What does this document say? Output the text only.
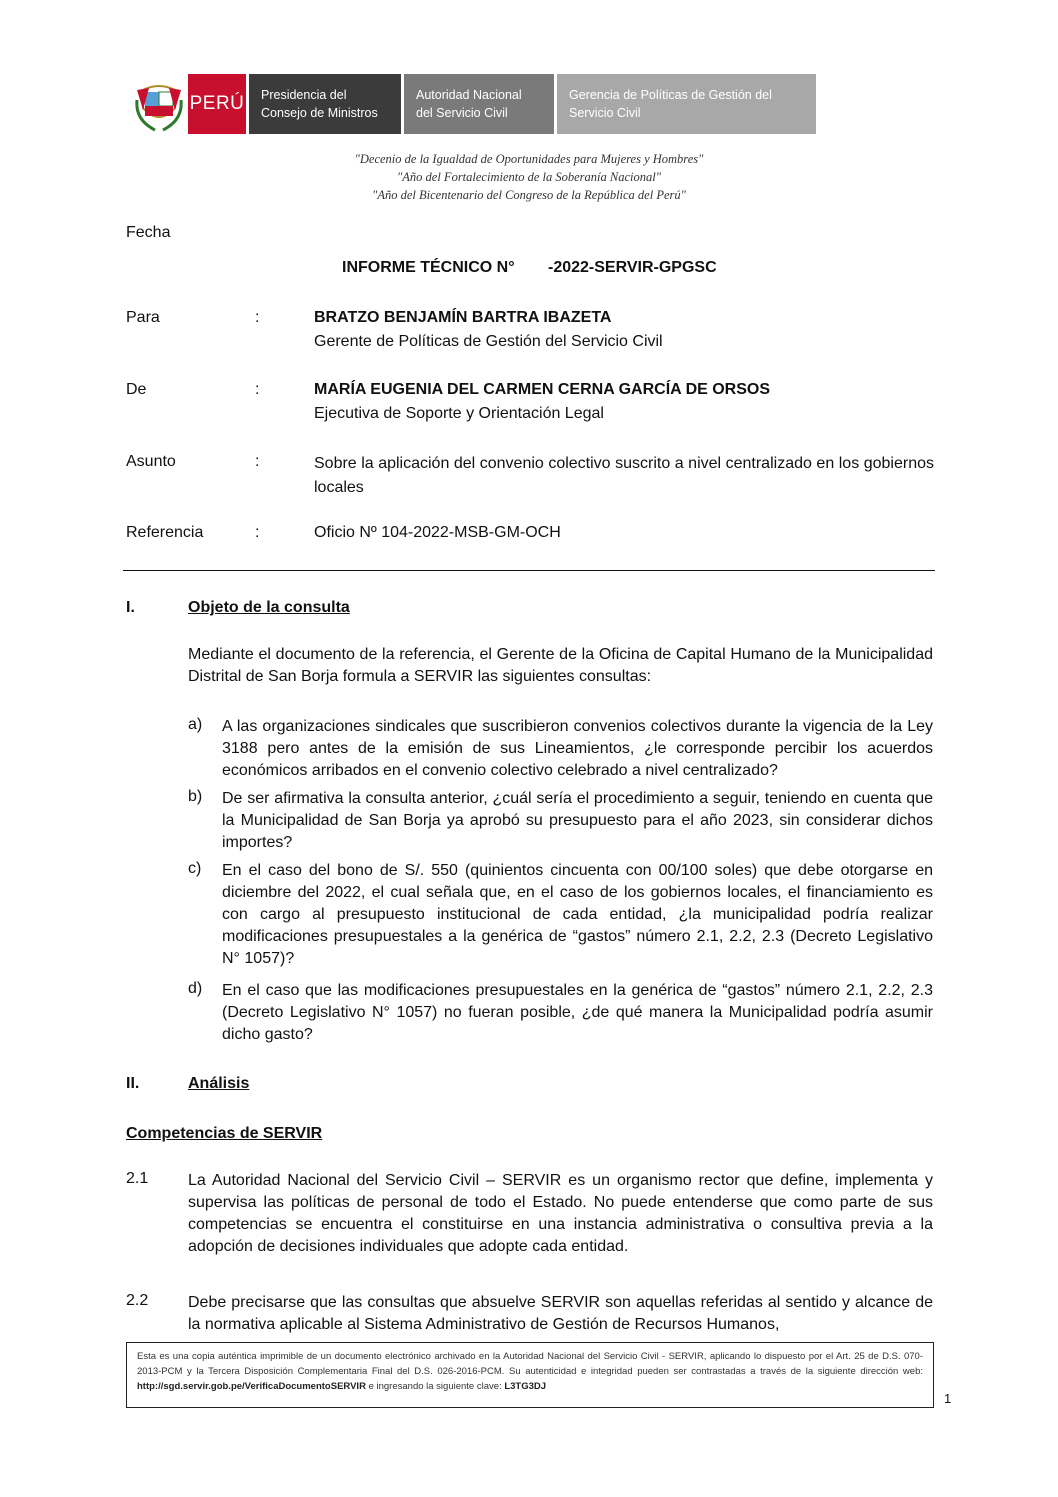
PERÚ Presidencia del
Consejo de Ministros
Autoridad Nacional
del Servicio Civil
Gerencia de Políticas de Gestión del
Servicio Civil
"Decenio de la Igualdad de Oportunidades para Mujeres y Hombres"
"Año del Fortalecimiento de la Soberanía Nacional"
"Año del Bicentenario del Congreso de la República del Perú"
Fecha
INFORME TÉCNICO N° -2022-SERVIR-GPGSC
Para	:	BRATZO BENJAMÍN BARTRA IBAZETA
Gerente de Políticas de Gestión del Servicio Civil
De	:	MARÍA EUGENIA DEL CARMEN CERNA GARCÍA DE ORSOS
Ejecutiva de Soporte y Orientación Legal
Asunto	:	Sobre la aplicación del convenio colectivo suscrito a nivel centralizado en los gobiernos locales
Referencia	:	Oficio Nº 104-2022-MSB-GM-OCH
I.	Objeto de la consulta
Mediante el documento de la referencia, el Gerente de la Oficina de Capital Humano de la Municipalidad Distrital de San Borja formula a SERVIR las siguientes consultas:
a) A las organizaciones sindicales que suscribieron convenios colectivos durante la vigencia de la Ley 3188 pero antes de la emisión de sus Lineamientos, ¿le corresponde percibir los acuerdos económicos arribados en el convenio colectivo celebrado a nivel centralizado?
b) De ser afirmativa la consulta anterior, ¿cuál sería el procedimiento a seguir, teniendo en cuenta que la Municipalidad de San Borja ya aprobó su presupuesto para el año 2023, sin considerar dichos importes?
c) En el caso del bono de S/. 550 (quinientos cincuenta con 00/100 soles) que debe otorgarse en diciembre del 2022, el cual señala que, en el caso de los gobiernos locales, el financiamiento es con cargo al presupuesto institucional de cada entidad, ¿la municipalidad podría realizar modificaciones presupuestales a la genérica de “gastos” número 2.1, 2.2, 2.3 (Decreto Legislativo N° 1057)?
d) En el caso que las modificaciones presupuestales en la genérica de “gastos” número 2.1, 2.2, 2.3 (Decreto Legislativo N° 1057) no fueran posible, ¿de qué manera la Municipalidad podría asumir dicho gasto?
II.	Análisis
Competencias de SERVIR
2.1 La Autoridad Nacional del Servicio Civil – SERVIR es un organismo rector que define, implementa y supervisa las políticas de personal de todo el Estado. No puede entenderse que como parte de sus competencias se encuentra el constituirse en una instancia administrativa o consultiva previa a la adopción de decisiones individuales que adopte cada entidad.
2.2 Debe precisarse que las consultas que absuelve SERVIR son aquellas referidas al sentido y alcance de la normativa aplicable al Sistema Administrativo de Gestión de Recursos Humanos,
Esta es una copia auténtica imprimible de un documento electrónico archivado en la Autoridad Nacional del Servicio Civil - SERVIR, aplicando lo dispuesto por el Art. 25 de D.S. 070-2013-PCM y la Tercera Disposición Complementaria Final del D.S. 026-2016-PCM. Su autenticidad e integridad pueden ser contrastadas a través de la siguiente dirección web: http://sgd.servir.gob.pe/VerificaDocumentoSERVIR e ingresando la siguiente clave: L3TG3DJ
1
